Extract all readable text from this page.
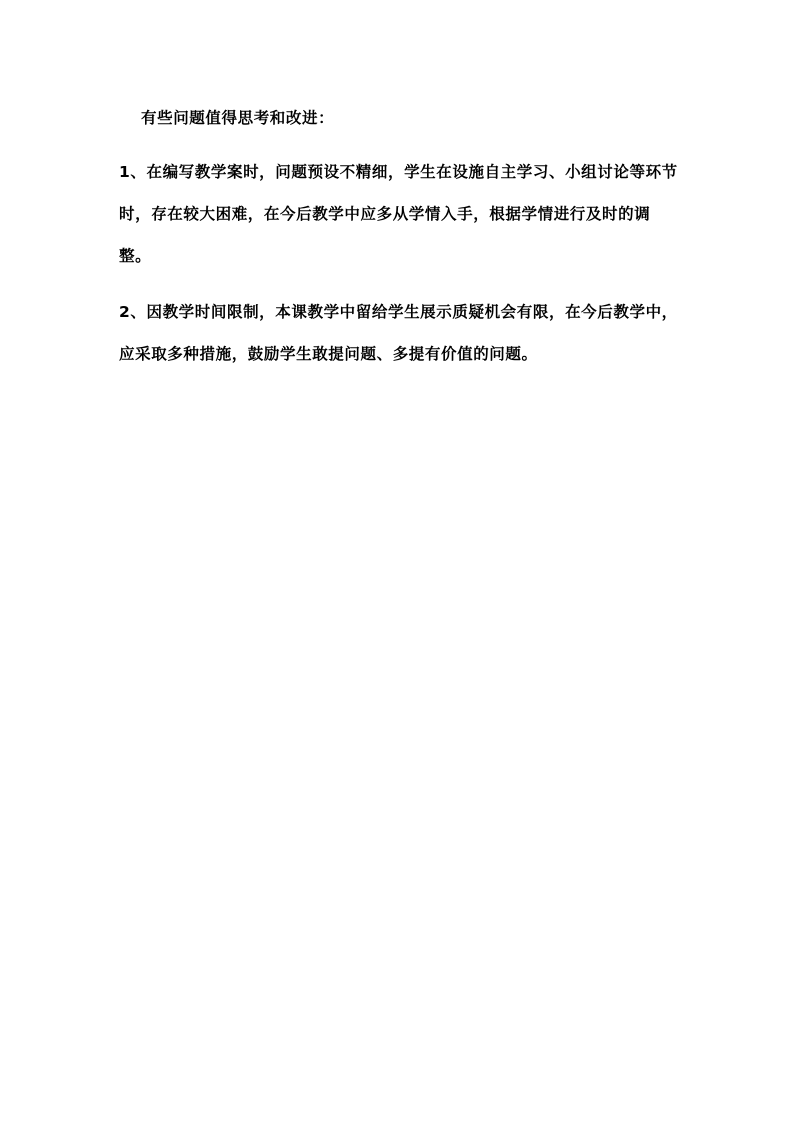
有些问题值得思考和改进：
1、在编写教学案时，问题预设不精细，学生在设施自主学习、小组讨论等环节
时，存在较大困难，在今后教学中应多从学情入手，根据学情进行及时的调
整。
2、因教学时间限制，本课教学中留给学生展示质疑机会有限，在今后教学中，
应采取多种措施，鼓励学生敢提问题、多提有价值的问题。
